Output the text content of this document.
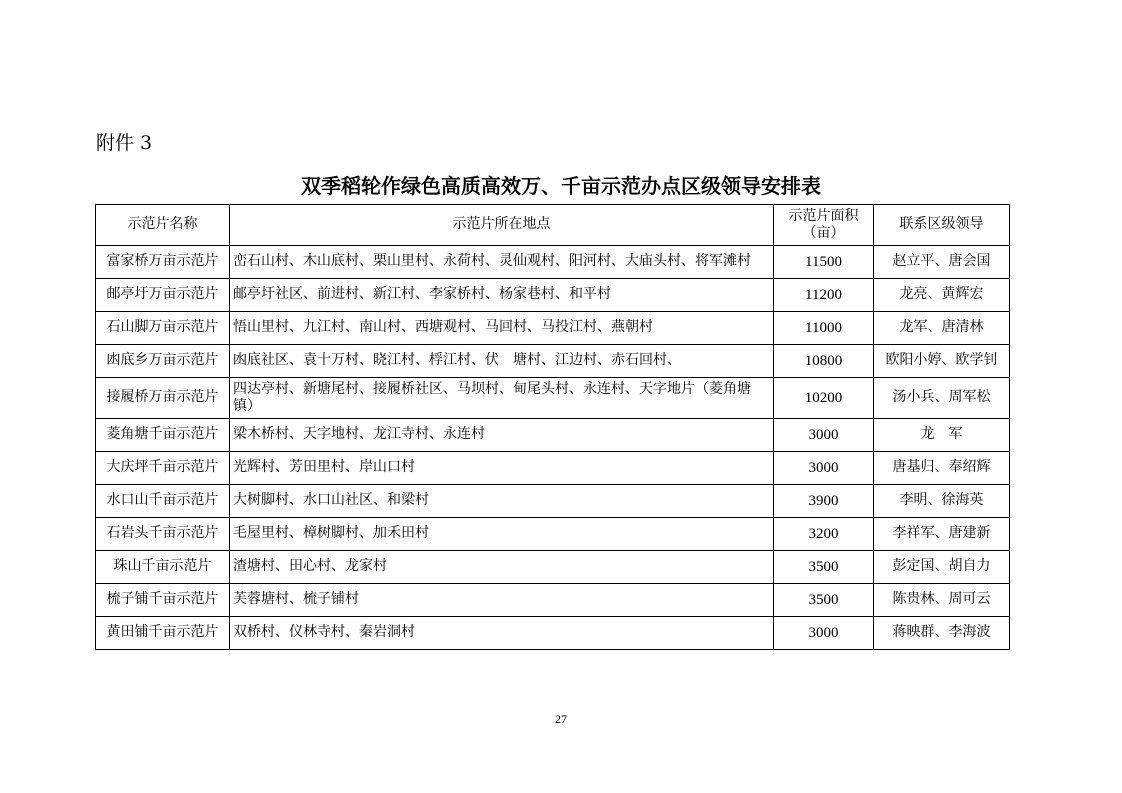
附件 3
双季稻轮作绿色高质高效万、千亩示范办点区级领导安排表
示范片名称	示范片所在地点	示范片面积（亩）	联系区级领导
富家桥万亩示范片	峦石山村、木山底村、栗山里村、永荷村、灵仙观村、阳河村、大庙头村、将军滩村	11500	赵立平、唐会国
邮亭圩万亩示范片	邮亭圩社区、前进村、新江村、李家桥村、杨家巷村、和平村	11200	龙亮、黄辉宏
石山脚万亩示范片	悟山里村、九江村、南山村、西塘观村、马回村、马投江村、燕朝村	11000	龙军、唐清林
凼底乡万亩示范片	凼底社区、袁十万村、晓江村、桴江村、伏　塘村、江边村、赤石回村、	10800	欧阳小婷、欧学钊
接履桥万亩示范片	四达亭村、新塘尾村、接履桥社区、马坝村、甸尾头村、永连村、天字地片（菱角塘镇）	10200	汤小兵、周军松
菱角塘千亩示范片	梁木桥村、天字地村、龙江寺村、永连村	3000	龙　军
大庆坪千亩示范片	光辉村、芳田里村、岸山口村	3000	唐基归、奉绍辉
水口山千亩示范片	大树脚村、水口山社区、和梁村	3900	李明、徐海英
石岩头千亩示范片	毛屋里村、樟树脚村、加禾田村	3200	李祥军、唐建新
珠山千亩示范片	渣塘村、田心村、龙家村	3500	彭定国、胡自力
梳子铺千亩示范片	芙蓉塘村、梳子铺村	3500	陈贵林、周可云
黄田铺千亩示范片	双桥村、仪林寺村、秦岩洞村	3000	蒋映群、李海波
27
